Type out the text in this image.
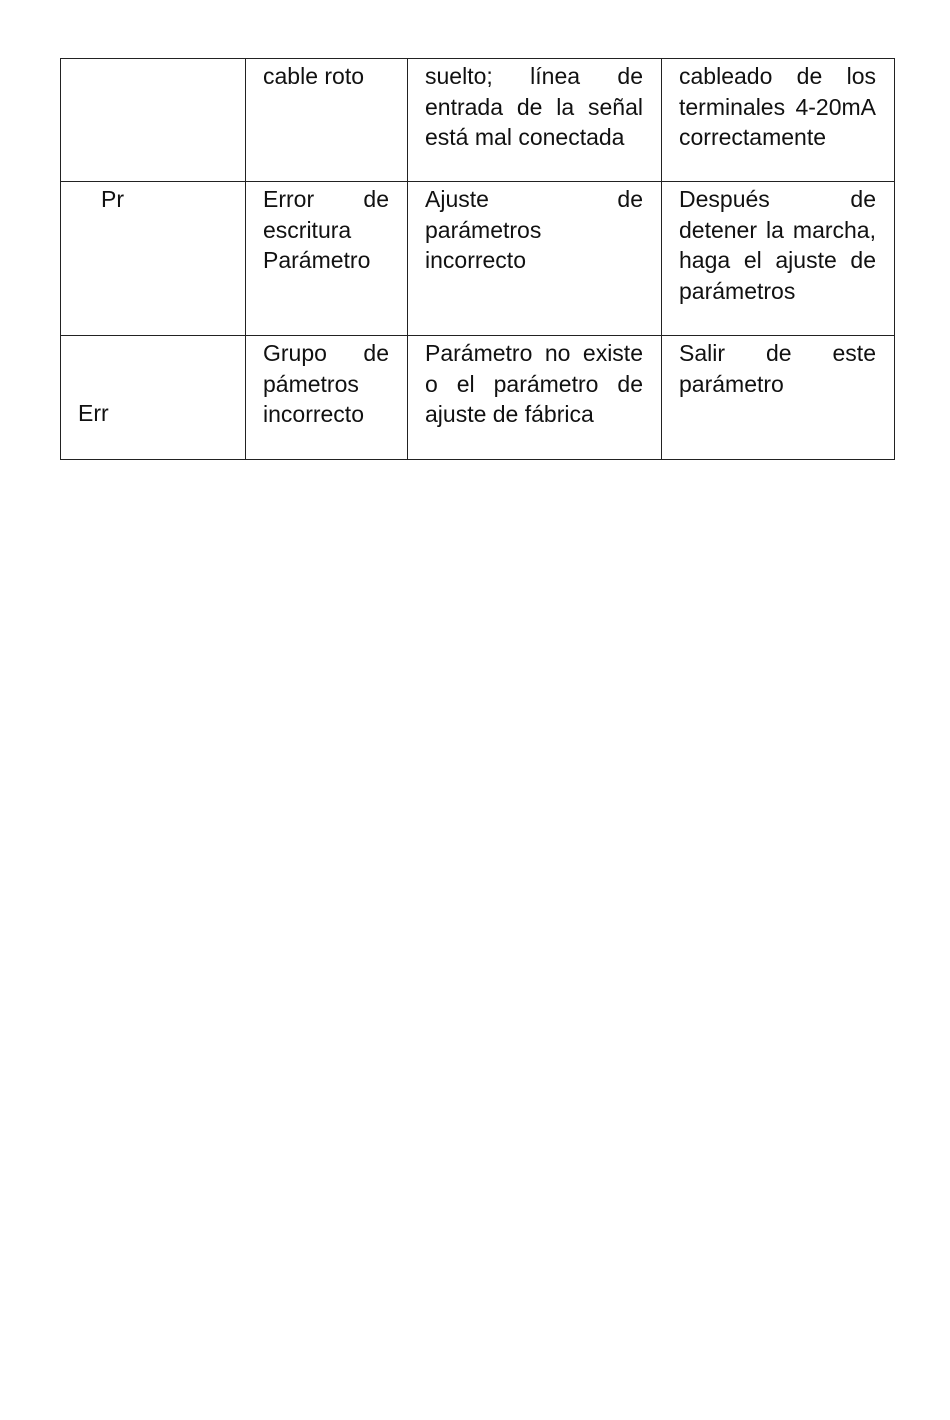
	cable roto	suelto; línea de entrada de la señal está mal conectada	cableado de los terminales 4-20mA correctamente
Pr	Error de escritura Parámetro	Ajuste de parámetros incorrecto	Después de detener la marcha, haga el ajuste de parámetros

Err	Grupo de pámetros incorrecto	Parámetro no existe o el parámetro de ajuste de fábrica	Salir de este parámetro
